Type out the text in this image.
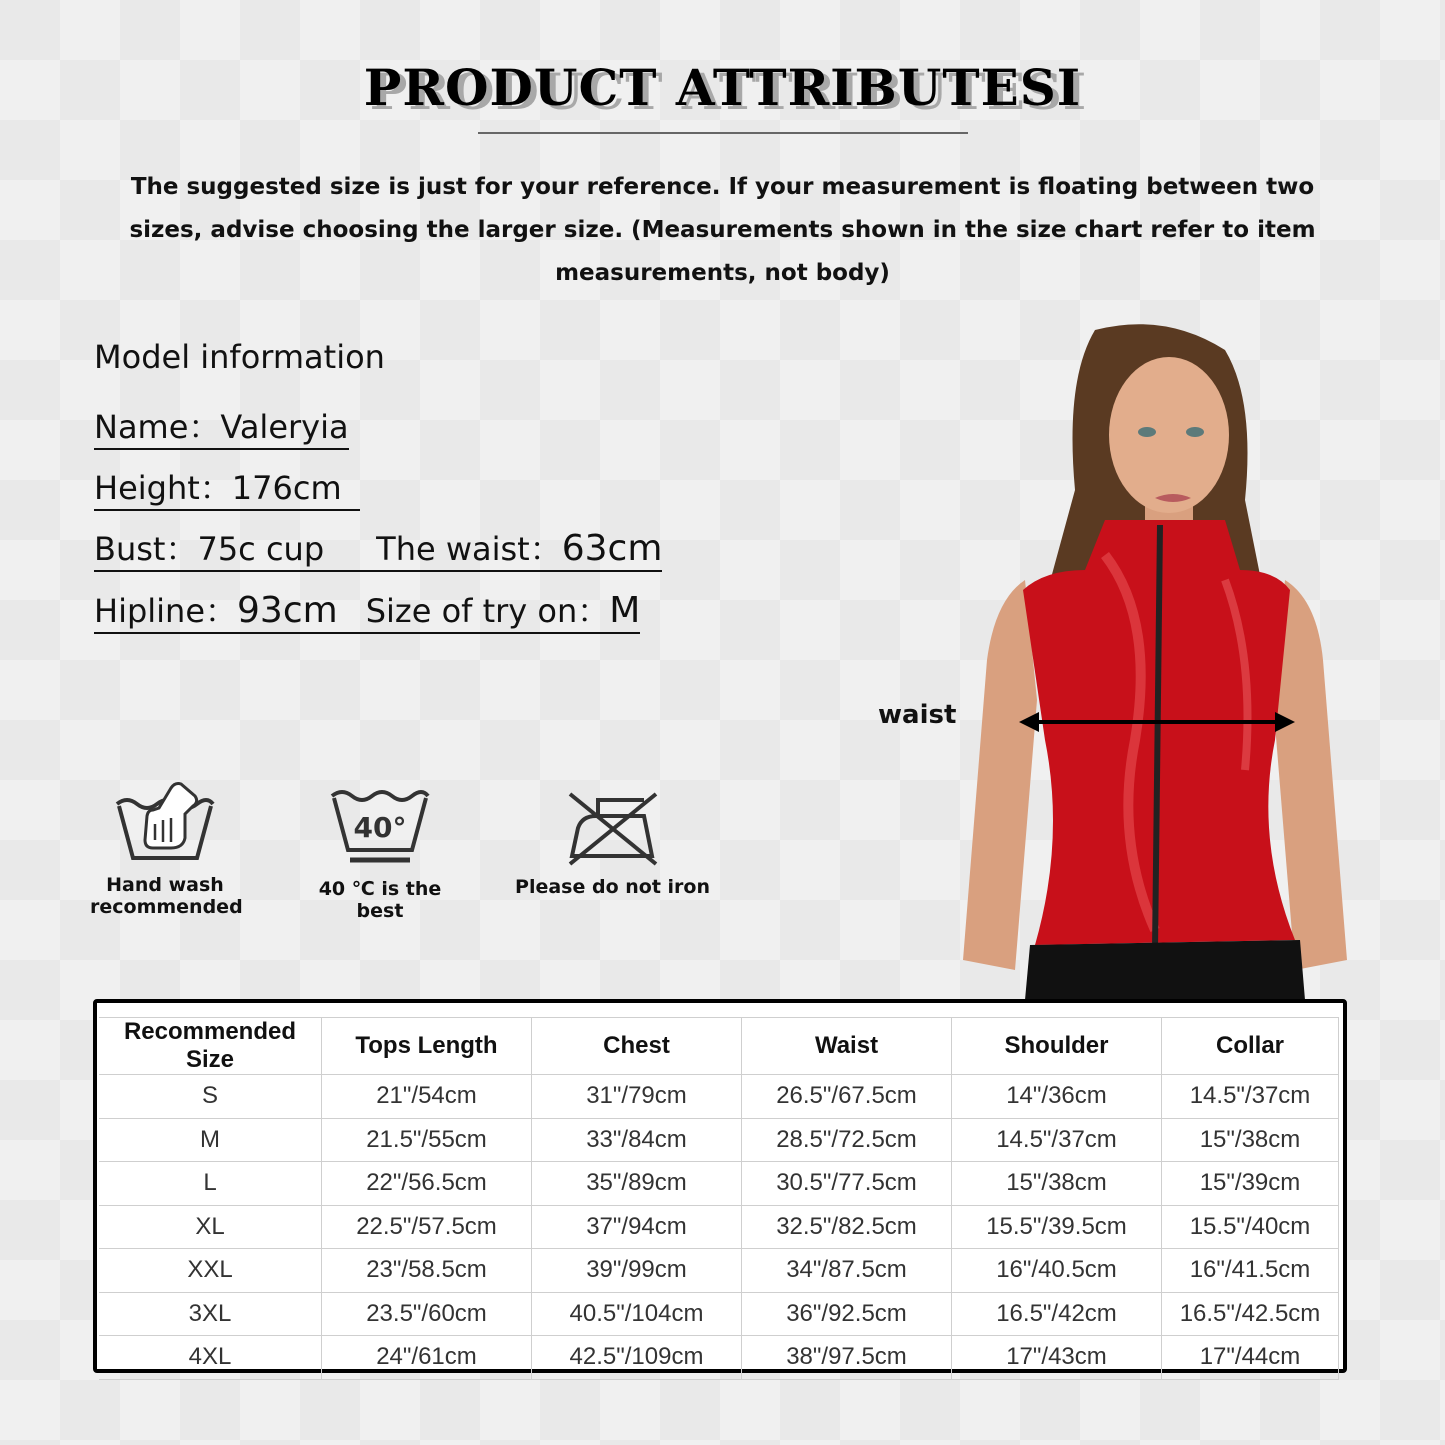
PRODUCT ATTRIBUTESI
The suggested size is just for your reference. If your measurement is floating between two sizes, advise choosing the larger size. (Measurements shown in the size chart refer to item measurements, not body)
Model information
Name：Valeryia
Height：176cm
Bust：75c cup The waist：63cm
Hipline：93cm Size of try on：M
Hand wash
recommended
40°
40 ℃ is the best
Please do not iron
waist
Recommended Size	Tops Length	Chest	Waist	Shoulder	Collar
S	21"/54cm	31"/79cm	26.5"/67.5cm	14"/36cm	14.5"/37cm
M	21.5"/55cm	33"/84cm	28.5"/72.5cm	14.5"/37cm	15"/38cm
L	22"/56.5cm	35"/89cm	30.5"/77.5cm	15"/38cm	15"/39cm
XL	22.5"/57.5cm	37"/94cm	32.5"/82.5cm	15.5"/39.5cm	15.5"/40cm
XXL	23"/58.5cm	39"/99cm	34"/87.5cm	16"/40.5cm	16"/41.5cm
3XL	23.5"/60cm	40.5"/104cm	36"/92.5cm	16.5"/42cm	16.5"/42.5cm
4XL	24"/61cm	42.5"/109cm	38"/97.5cm	17"/43cm	17"/44cm
